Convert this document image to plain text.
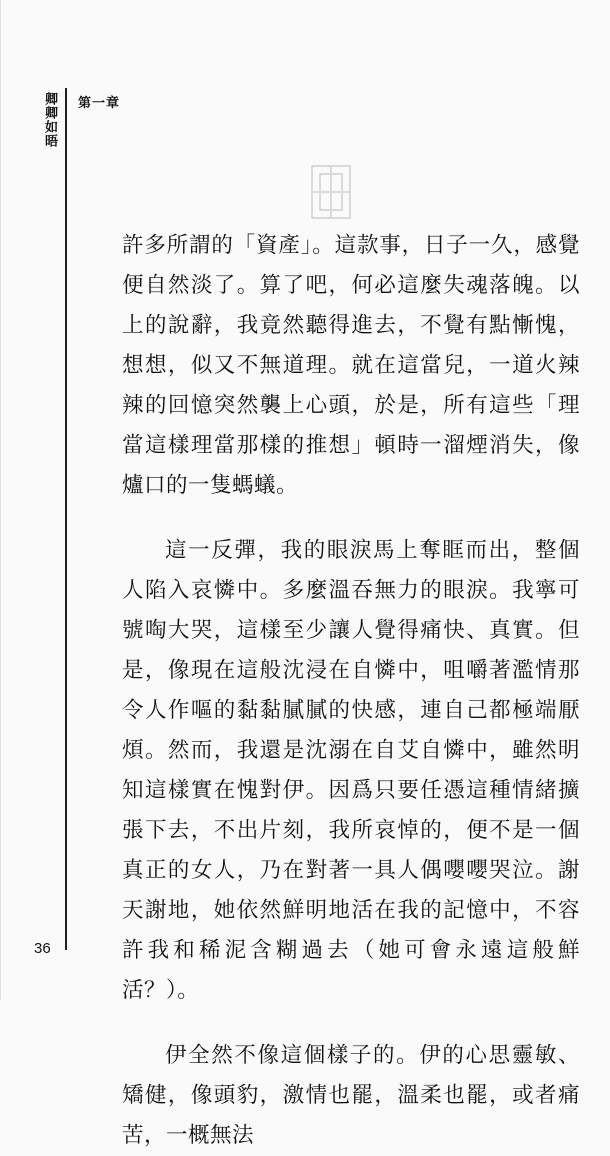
卿卿如晤 第一章

許多所謂的「資產」。這款事，日子一久，感覺便自然淡了。算了吧，何必這麼失魂落魄。以上的說辭，我竟然聽得進去，不覺有點慚愧，想想，似又不無道理。就在這當兒，一道火辣辣的回憶突然襲上心頭，於是，所有這些「理當這樣理當那樣的推想」頓時一溜煙消失，像爐口的一隻螞蟻。

這一反彈，我的眼淚馬上奪眶而出，整個人陷入哀憐中。多麼溫吞無力的眼淚。我寧可號啕大哭，這樣至少讓人覺得痛快、真實。但是，像現在這般沈浸在自憐中，咀嚼著濫情那令人作嘔的黏黏膩膩的快感，連自己都極端厭煩。然而，我還是沈溺在自艾自憐中，雖然明知這樣實在愧對伊。因爲只要任憑這種情緒擴張下去，不出片刻，我所哀悼的，便不是一個真正的女人，乃在對著一具人偶嚶嚶哭泣。謝天謝地，她依然鮮明地活在我的記憶中，不容許我和稀泥含糊過去（她可會永遠這般鮮活？）。

伊全然不像這個樣子的。伊的心思靈敏、矯健，像頭豹，激情也罷，溫柔也罷，或者痛苦，一概無法

36
